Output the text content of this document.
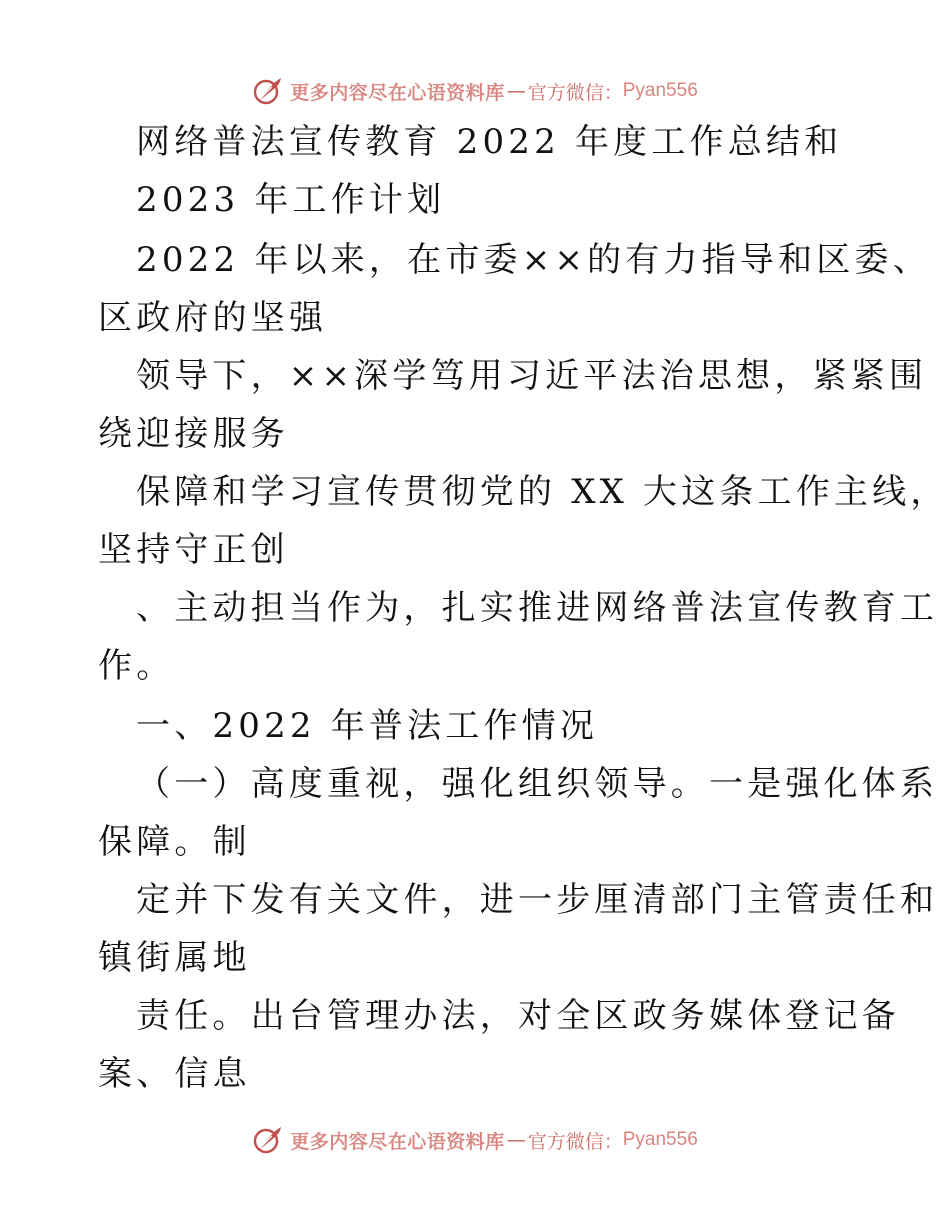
更多内容尽在心语资料库 — 官方微信： Pyan556
网络普法宣传教育 2022 年度工作总结和
2023 年工作计划
2022 年以来，在市委××的有力指导和区委、
区政府的坚强
领导下，××深学笃用习近平法治思想，紧紧围
绕迎接服务
保障和学习宣传贯彻党的 XX 大这条工作主线，
坚持守正创
、主动担当作为，扎实推进网络普法宣传教育工
作。
一、2022 年普法工作情况
（一）高度重视，强化组织领导。一是强化体系
保障。制
定并下发有关文件，进一步厘清部门主管责任和
镇街属地
责任。出台管理办法，对全区政务媒体登记备
案、信息
更多内容尽在心语资料库 — 官方微信： Pyan556
